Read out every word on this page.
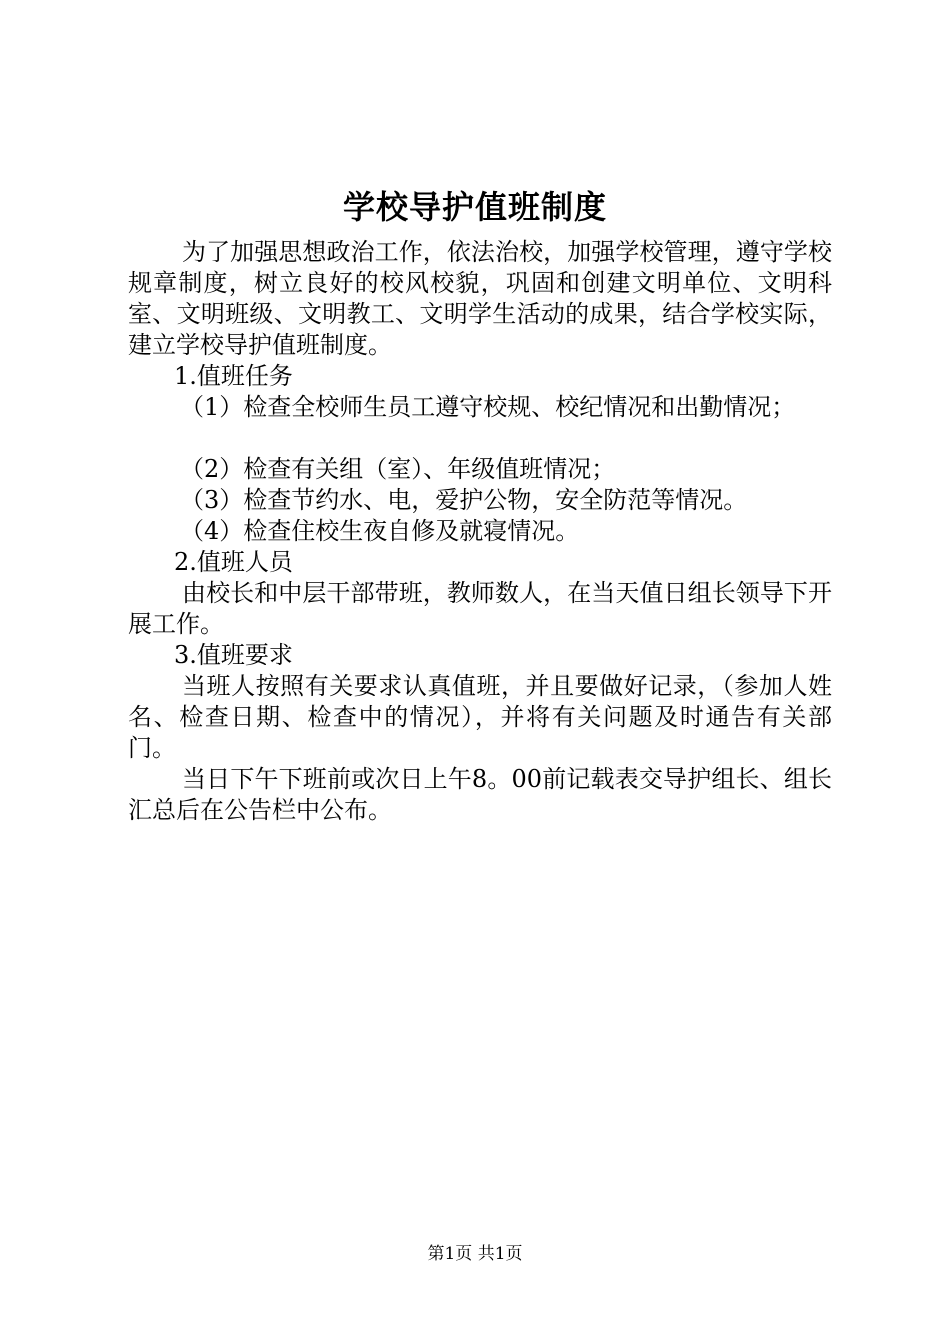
学校导护值班制度

为了加强思想政治工作，依法治校，加强学校管理，遵守学校规章制度，树立良好的校风校貌，巩固和创建文明单位、文明科室、文明班级、文明教工、文明学生活动的成果，结合学校实际，建立学校导护值班制度。

1.值班任务

（1）检查全校师生员工遵守校规、校纪情况和出勤情况；

（2）检查有关组（室）、年级值班情况；

（3）检查节约水、电，爱护公物，安全防范等情况。

（4）检查住校生夜自修及就寝情况。

2.值班人员

由校长和中层干部带班，教师数人，在当天值日组长领导下开展工作。

3.值班要求

当班人按照有关要求认真值班，并且要做好记录，（参加人姓名、检查日期、检查中的情况），并将有关问题及时通告有关部门。

当日下午下班前或次日上午8。00前记载表交导护组长、组长汇总后在公告栏中公布。

第1页 共1页
